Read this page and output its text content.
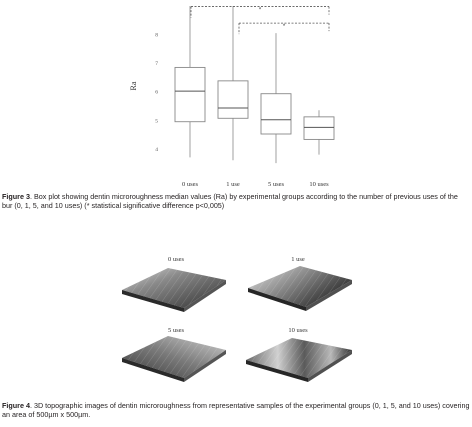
4
5
6
7
8
Ra
0 uses	1 use	5 uses	10 uses
*
*
Figure 3. Box plot showing dentin microroughness median values (Ra) by experimental groups according to the number of previous uses of the bur (0, 1, 5, and 10 uses) (* statistical significative difference p<0,005)
0 uses	1 use
5 uses	10 uses
Figure 4. 3D topographic images of dentin microroughness from representative samples of the experimental groups (0, 1, 5, and 10 uses) covering an area of 500µm x 500µm.
